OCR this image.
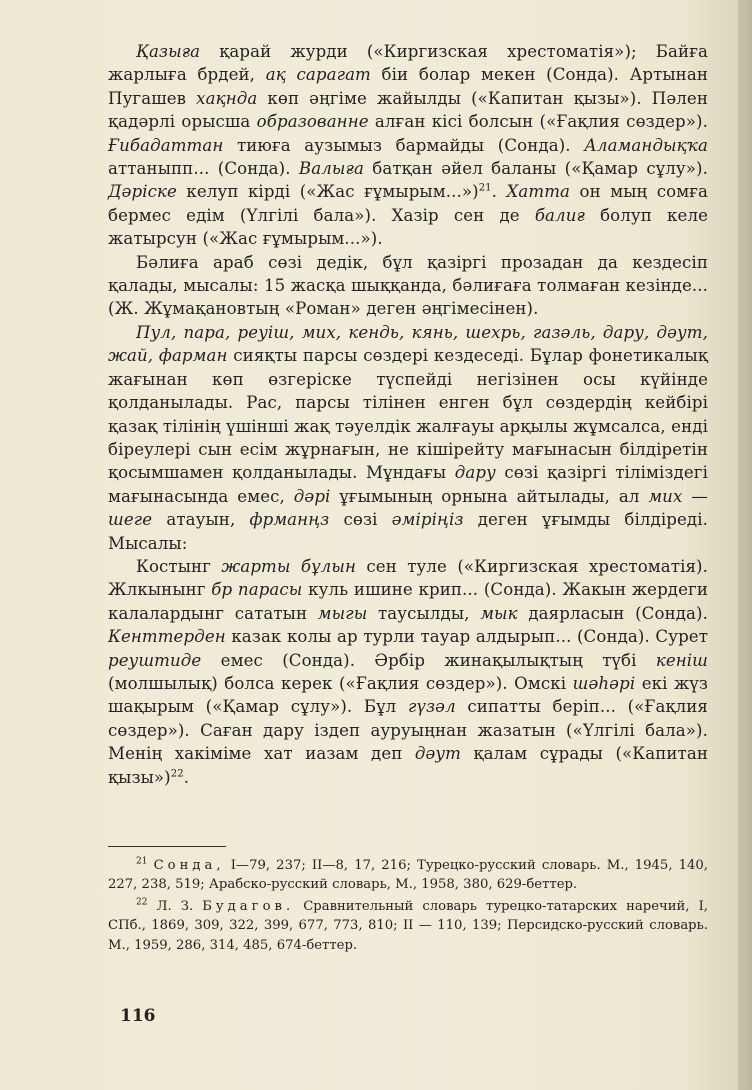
Қазыға қарай журди («Киргизская хрестоматія»); Байға жарлыға брдей, ақ сарагат біи болар мекен (Сонда). Артынан Пугашев хақнда көп әңгіме жайылды («Капитан қызы»). Пәлен қадәрлі орысша образованне алған кісі болсын («Ғақлия сөздер»). Ғибадаттан тиюға аузымыз бармайды (Сонда). Аламандықҡа аттаныпп... (Сонда). Валыға батқан әйел баланы («Қамар сұлу»). Дәріске келуп кірді («Жас ғұмырым...»)$^{21}$. Хатта он мың сомға бермес едім (Үлгілі бала»). Хазір сен де балиғ болуп келе жатырсун («Жас ғұмырым...»).

Бәлиға араб сөзі дедік, бұл қазіргі прозадан да кездесіп қалады, мысалы: 15 жасқа шыққанда, бәлиғаға толмаған кезінде... (Ж. Жұмақановтың «Роман» деген әңгімесінен).

Пул, пара, реуіш, мих, кендь, кянь, шехрь, газәль, дару, дәут, жай, фарман сияқты парсы сөздері кездеседі. Бұлар фонетикалық жағынан көп өзгеріске түспейді негізінен осы күйінде қолданылады. Рас, парсы тілінен енген бұл сөздердің кейбірі қазақ тілінің үшінші жақ тәуелдік жалғауы арқылы жұмсалса, енді біреулері сын есім жұрнағын, не кішірейту мағынасын білдіретін қосымшамен қолданылады. Мұндағы дару сөзі қазіргі тіліміздегі мағынасында емес, дәрі ұғымының орнына айтылады, ал мих — шеге атауын, фрманңз сөзі әміріңіз деген ұғымды білдіреді. Мысалы:

Костынг жарты бұлын сен туле («Киргизская хрестоматія). Жлкынынг бр парасы куль ишине крип... (Сонда). Жакын жердеги калалардынг сататын мыгы таусылды, мык даярласын (Сонда). Кенттерден казак колы ар турли тауар алдырып... (Сонда). Сурет реуштиде емес (Сонда). Әрбір жинақылықтың түбі кеніш (молшылық) болса керек («Ғақлия сөздер»). Омскі шәһәрі екі жүз шақырым («Қамар сұлу»). Бұл гүзәл сипатты беріп... («Ғақлия сөздер»). Саған дару іздеп ауруыңнан жазатын («Үлгілі бала»). Менің хакіміме хат иазам деп дәут қалам сұрады («Капитан қызы»)$^{22}$.

$^{21}$ Сонда, I—79, 237; II—8, 17, 216; Турецко-русский словарь. М., 1945, 140, 227, 238, 519; Арабско-русский словарь, М., 1958, 380, 629-беттер.

$^{22}$ Л. З. Будагов. Сравнительный словарь турецко-татарских наречий, I, СПб., 1869, 309, 322, 399, 677, 773, 810; II — 110, 139; Персидско-русский словарь. М., 1959, 286, 314, 485, 674-беттер.

116
